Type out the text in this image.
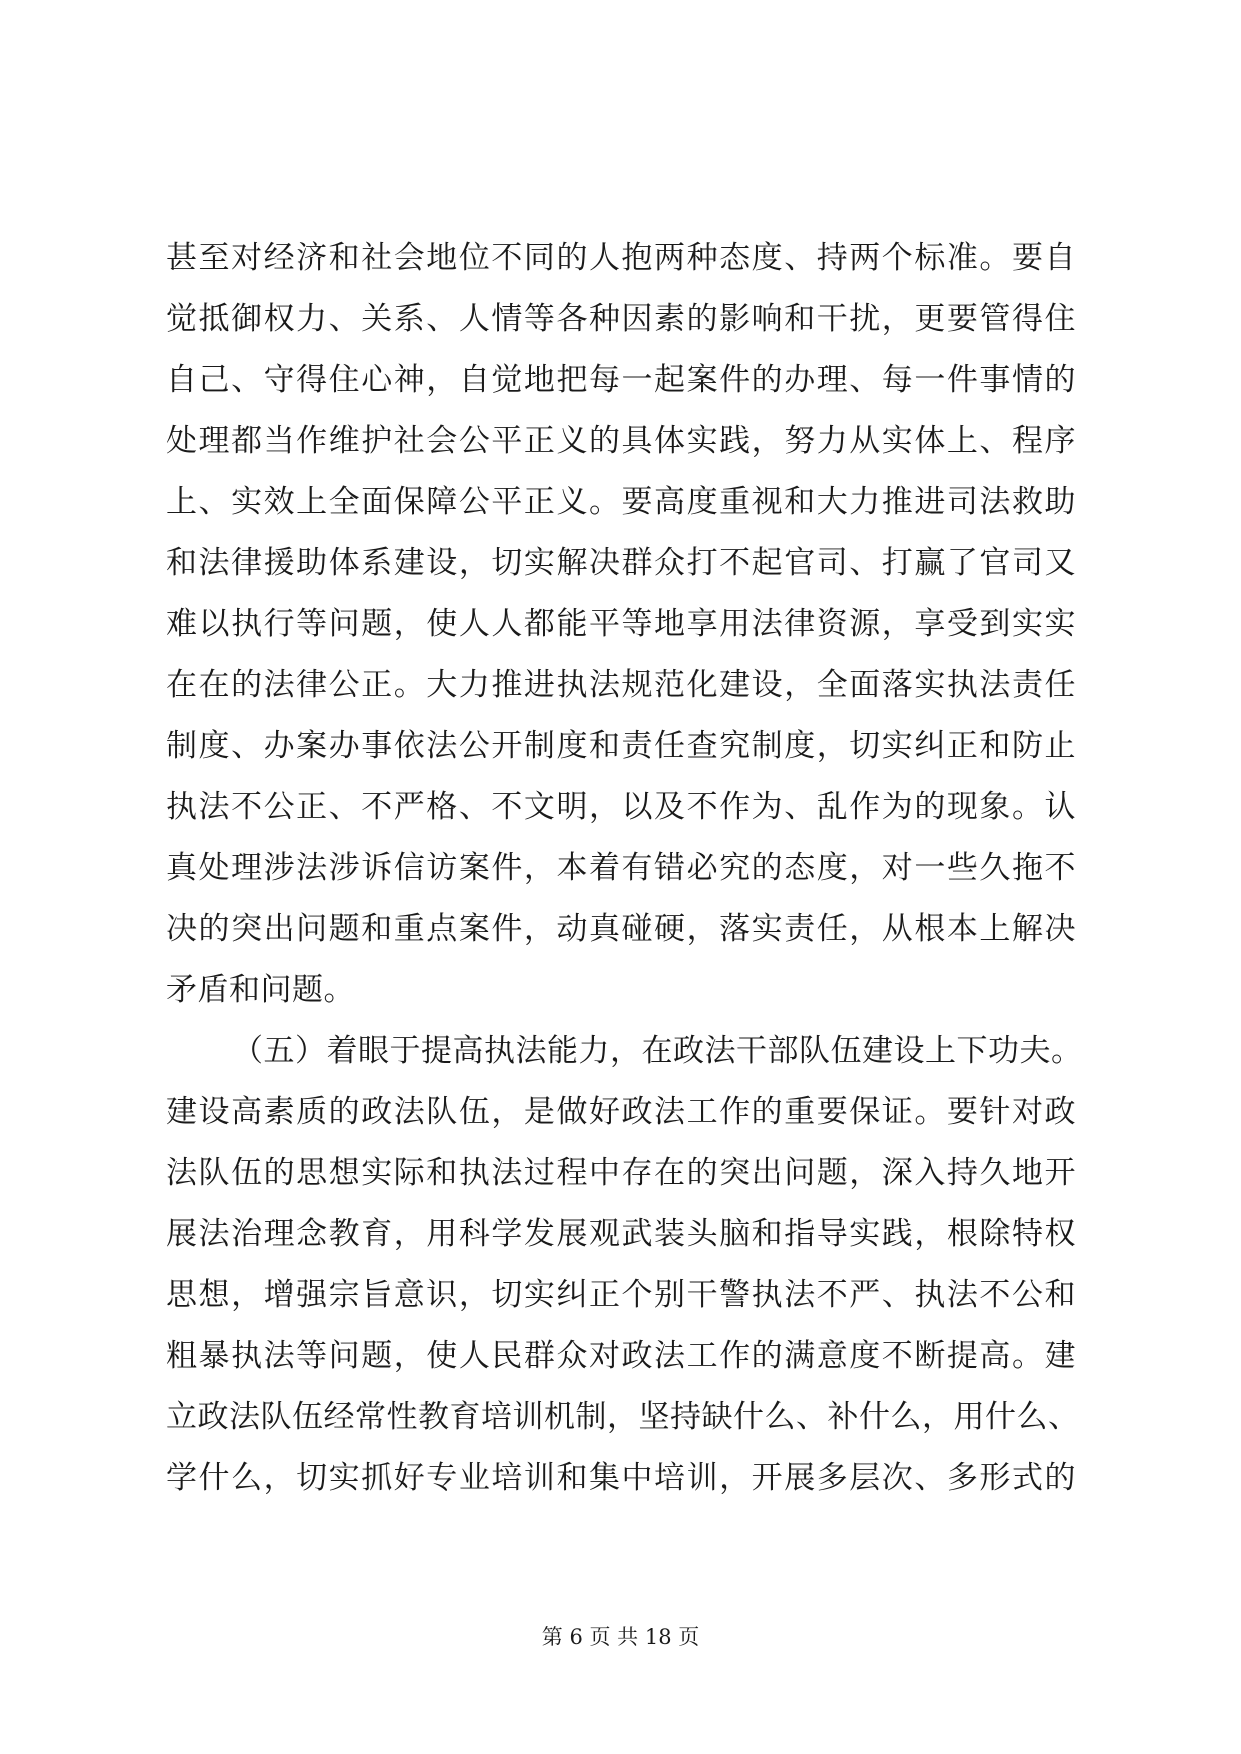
甚至对经济和社会地位不同的人抱两种态度、持两个标准。要自
觉抵御权力、关系、人情等各种因素的影响和干扰，更要管得住
自己、守得住心神，自觉地把每一起案件的办理、每一件事情的
处理都当作维护社会公平正义的具体实践，努力从实体上、程序
上、实效上全面保障公平正义。要高度重视和大力推进司法救助
和法律援助体系建设，切实解决群众打不起官司、打赢了官司又
难以执行等问题，使人人都能平等地享用法律资源，享受到实实
在在的法律公正。大力推进执法规范化建设，全面落实执法责任
制度、办案办事依法公开制度和责任查究制度，切实纠正和防止
执法不公正、不严格、不文明，以及不作为、乱作为的现象。认
真处理涉法涉诉信访案件，本着有错必究的态度，对一些久拖不
决的突出问题和重点案件，动真碰硬，落实责任，从根本上解决
矛盾和问题。
（五）着眼于提高执法能力，在政法干部队伍建设上下功夫。
建设高素质的政法队伍，是做好政法工作的重要保证。要针对政
法队伍的思想实际和执法过程中存在的突出问题，深入持久地开
展法治理念教育，用科学发展观武装头脑和指导实践，根除特权
思想，增强宗旨意识，切实纠正个别干警执法不严、执法不公和
粗暴执法等问题，使人民群众对政法工作的满意度不断提高。建
立政法队伍经常性教育培训机制，坚持缺什么、补什么，用什么、
学什么，切实抓好专业培训和集中培训，开展多层次、多形式的
第 6 页 共 18 页
